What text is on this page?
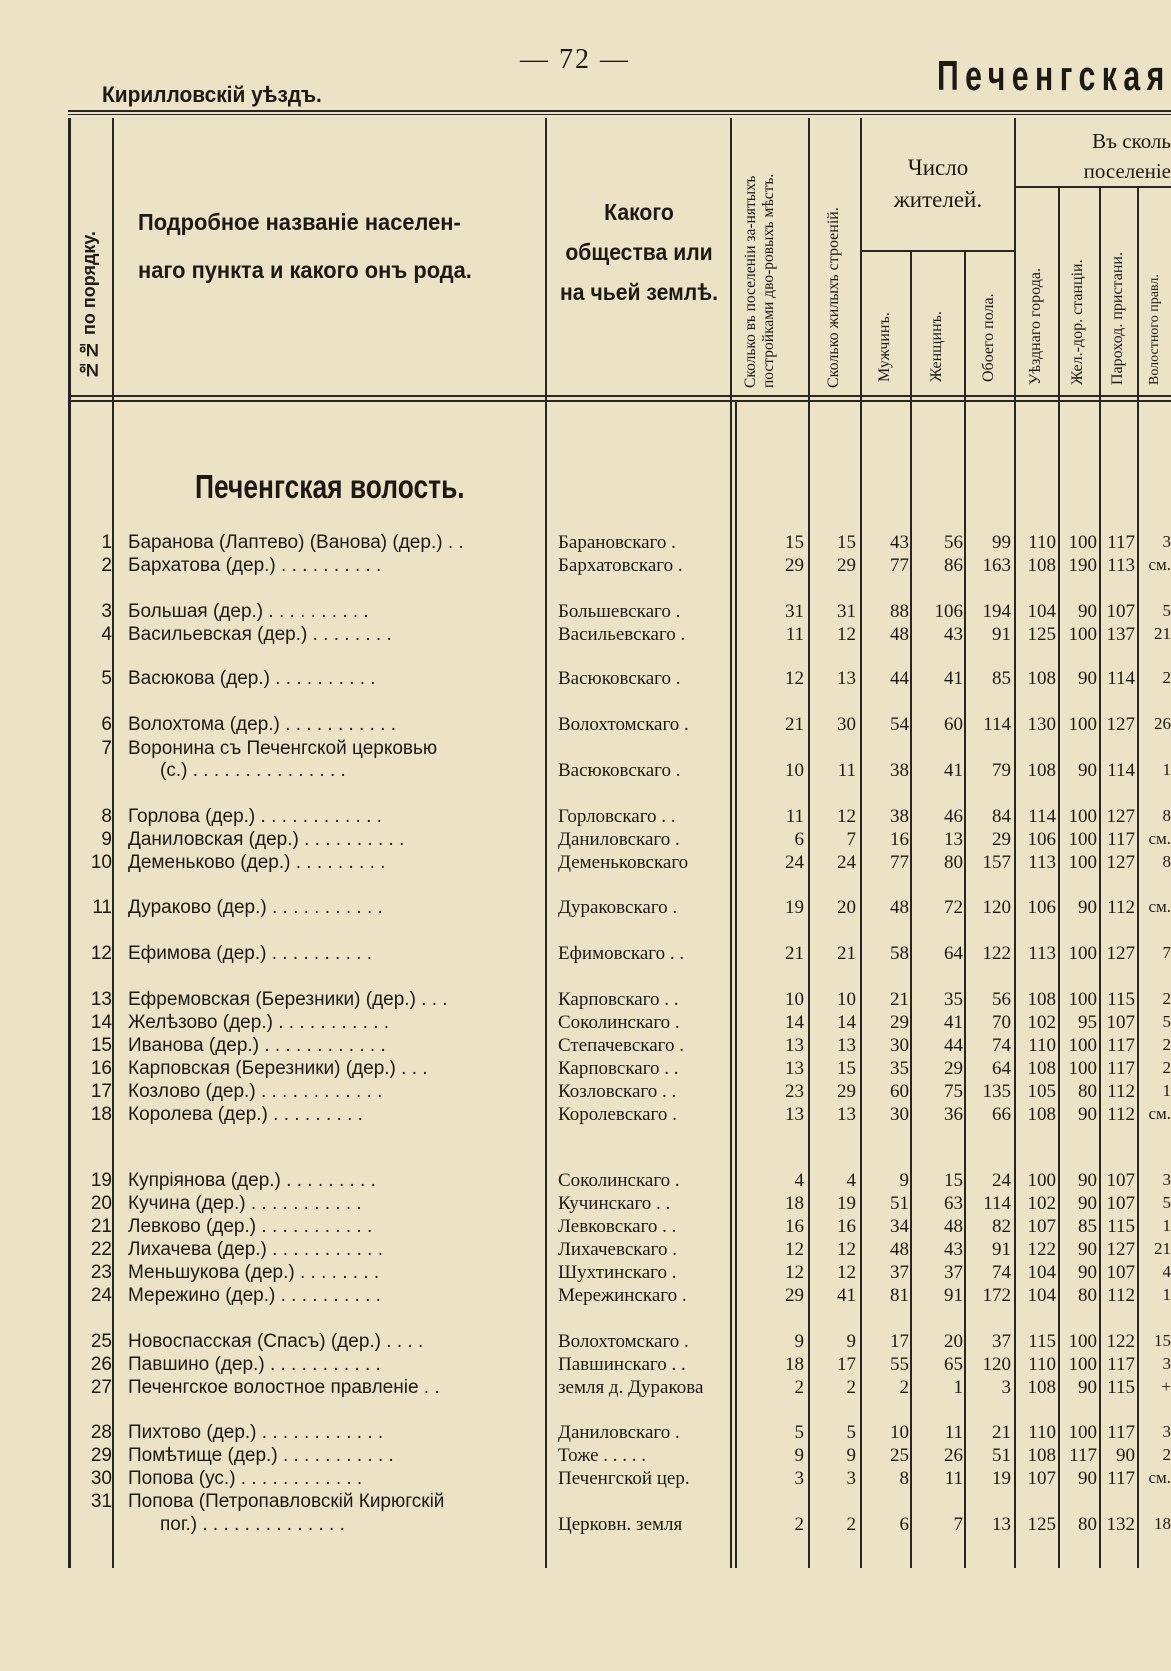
— 72 —
Кирилловскій уѣздъ.	Печенгская
№№ по порядку.
Подробное названіе населен-
наго пункта и какого онъ рода.
Какого
общества или
на чьей землѣ.	Сколько въ поселеніи за-нятыхъ постройками дво-ровыхъ мѣстъ.	Сколько жилыхъ строеній.
Число
жителей.
Мужчинъ. Женщинъ. Обоего пола.
Въ сколь
поселеніе
Уѣзднаго города. Жел.-дор. станціи. Пароход. пристани. Волостного правл.
Печенгская волость.
1 Баранова (Лаптево) (Ванова) (дер.) . .	Барановскаго .	15	15	43	56	99 110 100 117	3
2 Бархатова (дер.) . . . . . . . . . .	Бархатовскаго .	29	29	77	86	163 108 190 113 см.
3 Большая (дер.) . . . . . . . . . .	Большевскаго .	31	31	88	106	194 104	90 107	5
4 Васильевская (дер.) . . . . . . . .	Васильевскаго .	11	12	48	43	91 125 100 137	21
5 Васюкова (дер.) . . . . . . . . . .	Васюковскаго .	12	13	44	41	85 108	90 114	2
6 Волохтома (дер.) . . . . . . . . . . .	Волохтомскаго .	21	30	54	60	114 130 100 127	26
7 Воронина съ Печенгской церковью
(с.) . . . . . . . . . . . . . . .	Васюковскаго .	10	11	38	41	79 108	90 114	1
8 Горлова (дер.) . . . . . . . . . . . .	Горловскаго . .	11	12	38	46	84 114 100 127	8
9 Даниловская (дер.) . . . . . . . . . .	Даниловскаго .	6	7	16	13	29 106 100 117 см.
10 Деменьково (дер.) . . . . . . . . .	Деменьковскаго	24	24	77	80	157 113 100 127	8
11 Дураково (дер.) . . . . . . . . . . .	Дураковскаго .	19	20	48	72	120 106	90 112 см.
12 Ефимова (дер.) . . . . . . . . . .	Ефимовскаго . .	21	21	58	64	122 113 100 127	7
13 Ефремовская (Березники) (дер.) . . .	Карповскаго . .	10	10	21	35	56 108 100 115	2
14 Желѣзово (дер.) . . . . . . . . . . .	Соколинскаго .	14	14	29	41	70 102	95 107	5
15 Иванова (дер.) . . . . . . . . . . . .	Степачевскаго .	13	13	30	44	74 110 100 117	2
16 Карповская (Березники) (дер.) . . .	Карповскаго . .	13	15	35	29	64 108 100 117	2
17 Козлово (дер.) . . . . . . . . . . . .	Козловскаго . .	23	29	60	75	135 105	80 112	1
18 Королева (дер.) . . . . . . . . .	Королевскаго .	13	13	30	36	66 108	90 112 см.
19 Купріянова (дер.) . . . . . . . . .	Соколинскаго .	4	4	9	15	24 100	90 107	3
20 Кучина (дер.) . . . . . . . . . . .	Кучинскаго . .	18	19	51	63	114 102	90 107	5
21 Левково (дер.) . . . . . . . . . . .	Левковскаго . .	16	16	34	48	82 107	85 115	1
22 Лихачева (дер.) . . . . . . . . . . .	Лихачевскаго .	12	12	48	43	91 122	90 127	21
23 Меньшукова (дер.) . . . . . . . .	Шухтинскаго .	12	12	37	37	74 104	90 107	4
24 Мережино (дер.) . . . . . . . . . .	Мережинскаго .	29	41	81	91	172 104	80 112	1
25 Новоспасская (Спасъ) (дер.) . . . .	Волохтомскаго .	9	9	17	20	37 115 100 122	15
26 Павшино (дер.) . . . . . . . . . . .	Павшинскаго . .	18	17	55	65	120 110 100 117	3
27 Печенгское волостное правленіе . .	земля д. Дуракова	2	2	2	1	3 108	90 115	+
28 Пихтово (дер.) . . . . . . . . . . . .	Даниловскаго .	5	5	10	11	21 110 100 117	3
29 Помѣтище (дер.) . . . . . . . . . . .	Тоже . . . . .	9	9	25	26	51 108 117	90	2
30 Попова (ус.) . . . . . . . . . . . .	Печенгской цер.	3	3	8	11	19 107	90 117 см.
31 Попова (Петропавловскій Кирюгскій
пог.) . . . . . . . . . . . . . .	Церковн. земля	2	2	6	7	13 125	80 132	18
